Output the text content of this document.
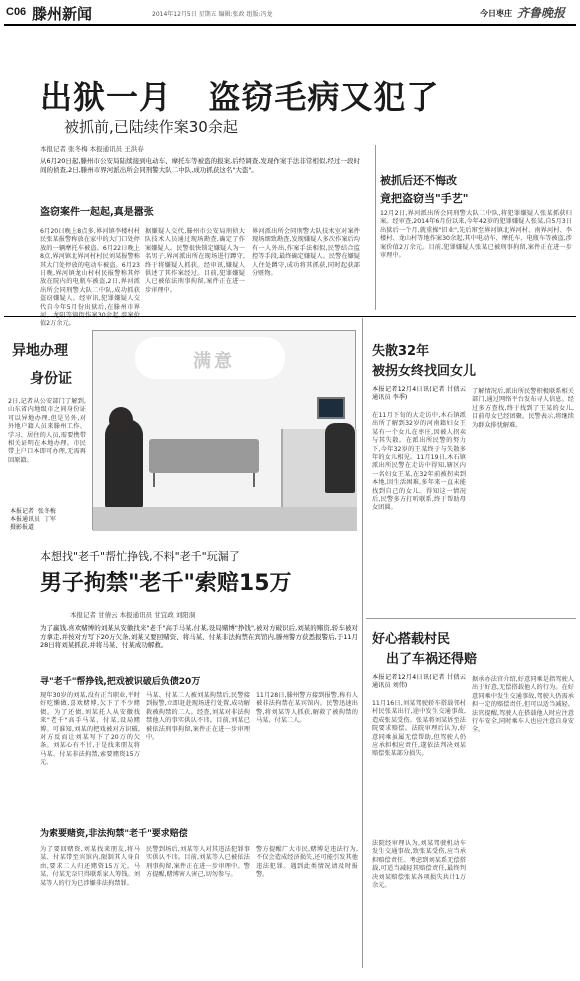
C06 滕州新闻	2014年12月5日 星期五 编辑:张政 组版:冯龙	今日枣庄 齐鲁晚报
出狱一月   盗窃毛病又犯了
被抓前,已陆续作案30余起
本报记者 张冬梅 本报通讯员 王洪春
从6月20日起,滕州市公安局陆续接到电动车、摩托车等被盗的报案,后经调查,发现作案手法非常相似,经过一段时间的侦查,2日,滕州市界河派出所会同刑警大队二中队,成功抓获这名"大盗"。
盗窃案件一起起,真是嚣张
6月20日晚上8点多,界河镇李楼村村民张某报警称放在家中的大门口处停放的一辆摩托车被盗。6月22日晚上8点,界河镇北界河村村民刘某报警称其大门处停放的电动车被盗。6月23日晚,界河镇龙山村村民报警称其停放在院内的电瓶车被盗,2日,界河派出所会同刑警大队二中队,成功抓获盗窃嫌疑人。经审讯,犯罪嫌疑人交代自今年5月份出狱后,在滕州市界 值2万余元。
据嫌疑人交代,滕州市公安局刑侦大队技术人员通过现场勘查,确定了作案嫌疑人。民警很快锁定嫌疑人为一名男子,界河派出所在现场进行蹲守,终于将嫌疑人抓获。经审讯,嫌疑人供述了其作案经过。目前,犯罪嫌疑人已被依法刑事拘留,案件正在进一步审理中。
界河派出所会同刑警大队技术室对案件现场细致勘查,发现嫌疑人多次作案后均有一人外出,作案手法相似,民警结合监控等手段,最终确定嫌疑人。民警在嫌疑人住处蹲守,成功将其抓获,同时起获部分赃物。
被抓后还不悔改
竟把盗窃当"手艺"
12月2日,界河派出所会同刑警大队二中队,将犯罪嫌疑人张某抓获归案。经审查,2014年6月份以来,今年42岁的犯罪嫌疑人张某,自5月3日出狱后一个月,就重操"旧业",先后窜至界河镇北界河村、南界河村、李楼村、龙山村等地作案30余起,其中电动车、摩托车、电瓶车等被盗,涉案价值2万余元。目前,犯罪嫌疑人张某已被刑事拘留,案件正在进一步审理中。
异地办理
身份证
2日,记者从公安部门了解到,山东省内地级市之间身份证可以异地办理,但是另外,对外地户籍人员来滕州工作、学习、居住的人员,需要携带相关证明在本地办理。市民带上户口本即可办理,无需再回原籍。
本报记者  张冬梅
本报通讯员  丁军
摄影报道
满意	失散32年
被拐女终找回女儿
本报记者12月4日讯(记者 甘倩云 通讯员 李季)
在11月下旬的大走访中,木石镇派出所了解到32岁的河南籍妇女王某有一个女儿在枣庄,因被人拐卖与其失散。在派出所民警的努力下,今年32岁的王某终于与失散多年的女儿相见。11月19日,木石镇派出所民警在走访中得知,辖区内一名妇女王某,在32年前被拐卖到本地,因生活困难,多年来一直未能找到自己的女儿。得知这一情况后,民警多方打听联系,终于帮助母女团圆。
了解情况后,派出所民警积极联系相关部门,通过网络平台发布寻人信息。经过多方查找,终于找到了王某的女儿,目前母女已经团聚。民警表示,将继续为群众排忧解难。
本想找"老千"帮忙挣钱,不料"老千"玩漏了
男子拘禁"老千"索赔15万
本报记者 甘倩云 本报通讯员 甘宜政 刘阳洞
为了赢钱,喜欢赌博的刘某从安徽找来"老千"高手马某,付某,设局赌博"挣钱",被对方破识后,刘某的赌资,轿车被对方拿走,并按对方写下20万欠条,刘某又要回赌资、将马某、付某非法拘禁在宾馆内,滕州警方获悉报警后,于11月28日将刘某抓获,并将马某、付某成功解救。
寻"老千"帮挣钱,把戏被识破后负债20万
现年30岁的刘某,没有正当职业,平时好吃懒做,喜欢赌博,欠下了不少赌债。为了还债,刘某托人从安徽找来"老千"高手马某、付某,设局赌博。可谁知,刘某的把戏被对方识破,对方反而让刘某写下了20万的欠条。刘某心有不甘,于是找来朋友将马某、付某非法拘禁,索要赌资15万元。
马某、付某二人被刘某拘禁后,民警接到报警,立即赶赴现场进行处置,成功解救被拘禁的二人。经查,刘某对非法拘禁他人的事实供认不讳。目前,刘某已被依法刑事拘留,案件正在进一步审理中。
11月28日,滕州警方接到报警,称有人被非法拘禁在某宾馆内。民警迅速出警,将刘某等人抓获,解救了被拘禁的马某、付某二人。
为索要赌资,非法拘禁"老千"要求赔偿
为了要回赌资,刘某找来朋友,将马某、付某带至宾馆内,限制其人身自由,要求二人归还赌资15万元。马某、付某无奈只得联系家人筹钱。刘某等人的行为已涉嫌非法拘禁罪。
民警到场后,刘某等人对其违法犯罪事实供认不讳。目前,刘某等人已被依法刑事拘留,案件正在进一步审理中。警方提醒,赌博害人害己,切勿参与。
警方提醒广大市民,赌博是违法行为,不仅会造成经济损失,还可能引发其他违法犯罪。遇到此类情况请及时报警。
好心搭载村民
出了车祸还得赔
本报记者12月4日讯(记者 甘倩云 通讯员 刘伟)
11月16日,刘某驾驶轿车搭载邻村村民张某出行,途中发生交通事故,造成张某受伤。张某将刘某诉至法院要求赔偿。法院审理后认为,好意同乘虽属无偿帮助,但驾驶人仍应承担相应责任,遂依法判决刘某赔偿张某部分损失。
法院经审理认为,刘某驾驶机动车发生交通事故,致张某受伤,应当承担赔偿责任。考虑到刘某系无偿搭载,可适当减轻其赔偿责任,最终判决刘某赔偿张某各项损失共计1万余元。
据承办法官介绍,好意同乘是指驾驶人出于好意,无偿搭载他人的行为。在好意同乘中发生交通事故,驾驶人仍需承担一定的赔偿责任,但可以适当减轻。法官提醒,驾驶人在搭载他人时应注意行车安全,同时乘车人也应注意自身安全。
